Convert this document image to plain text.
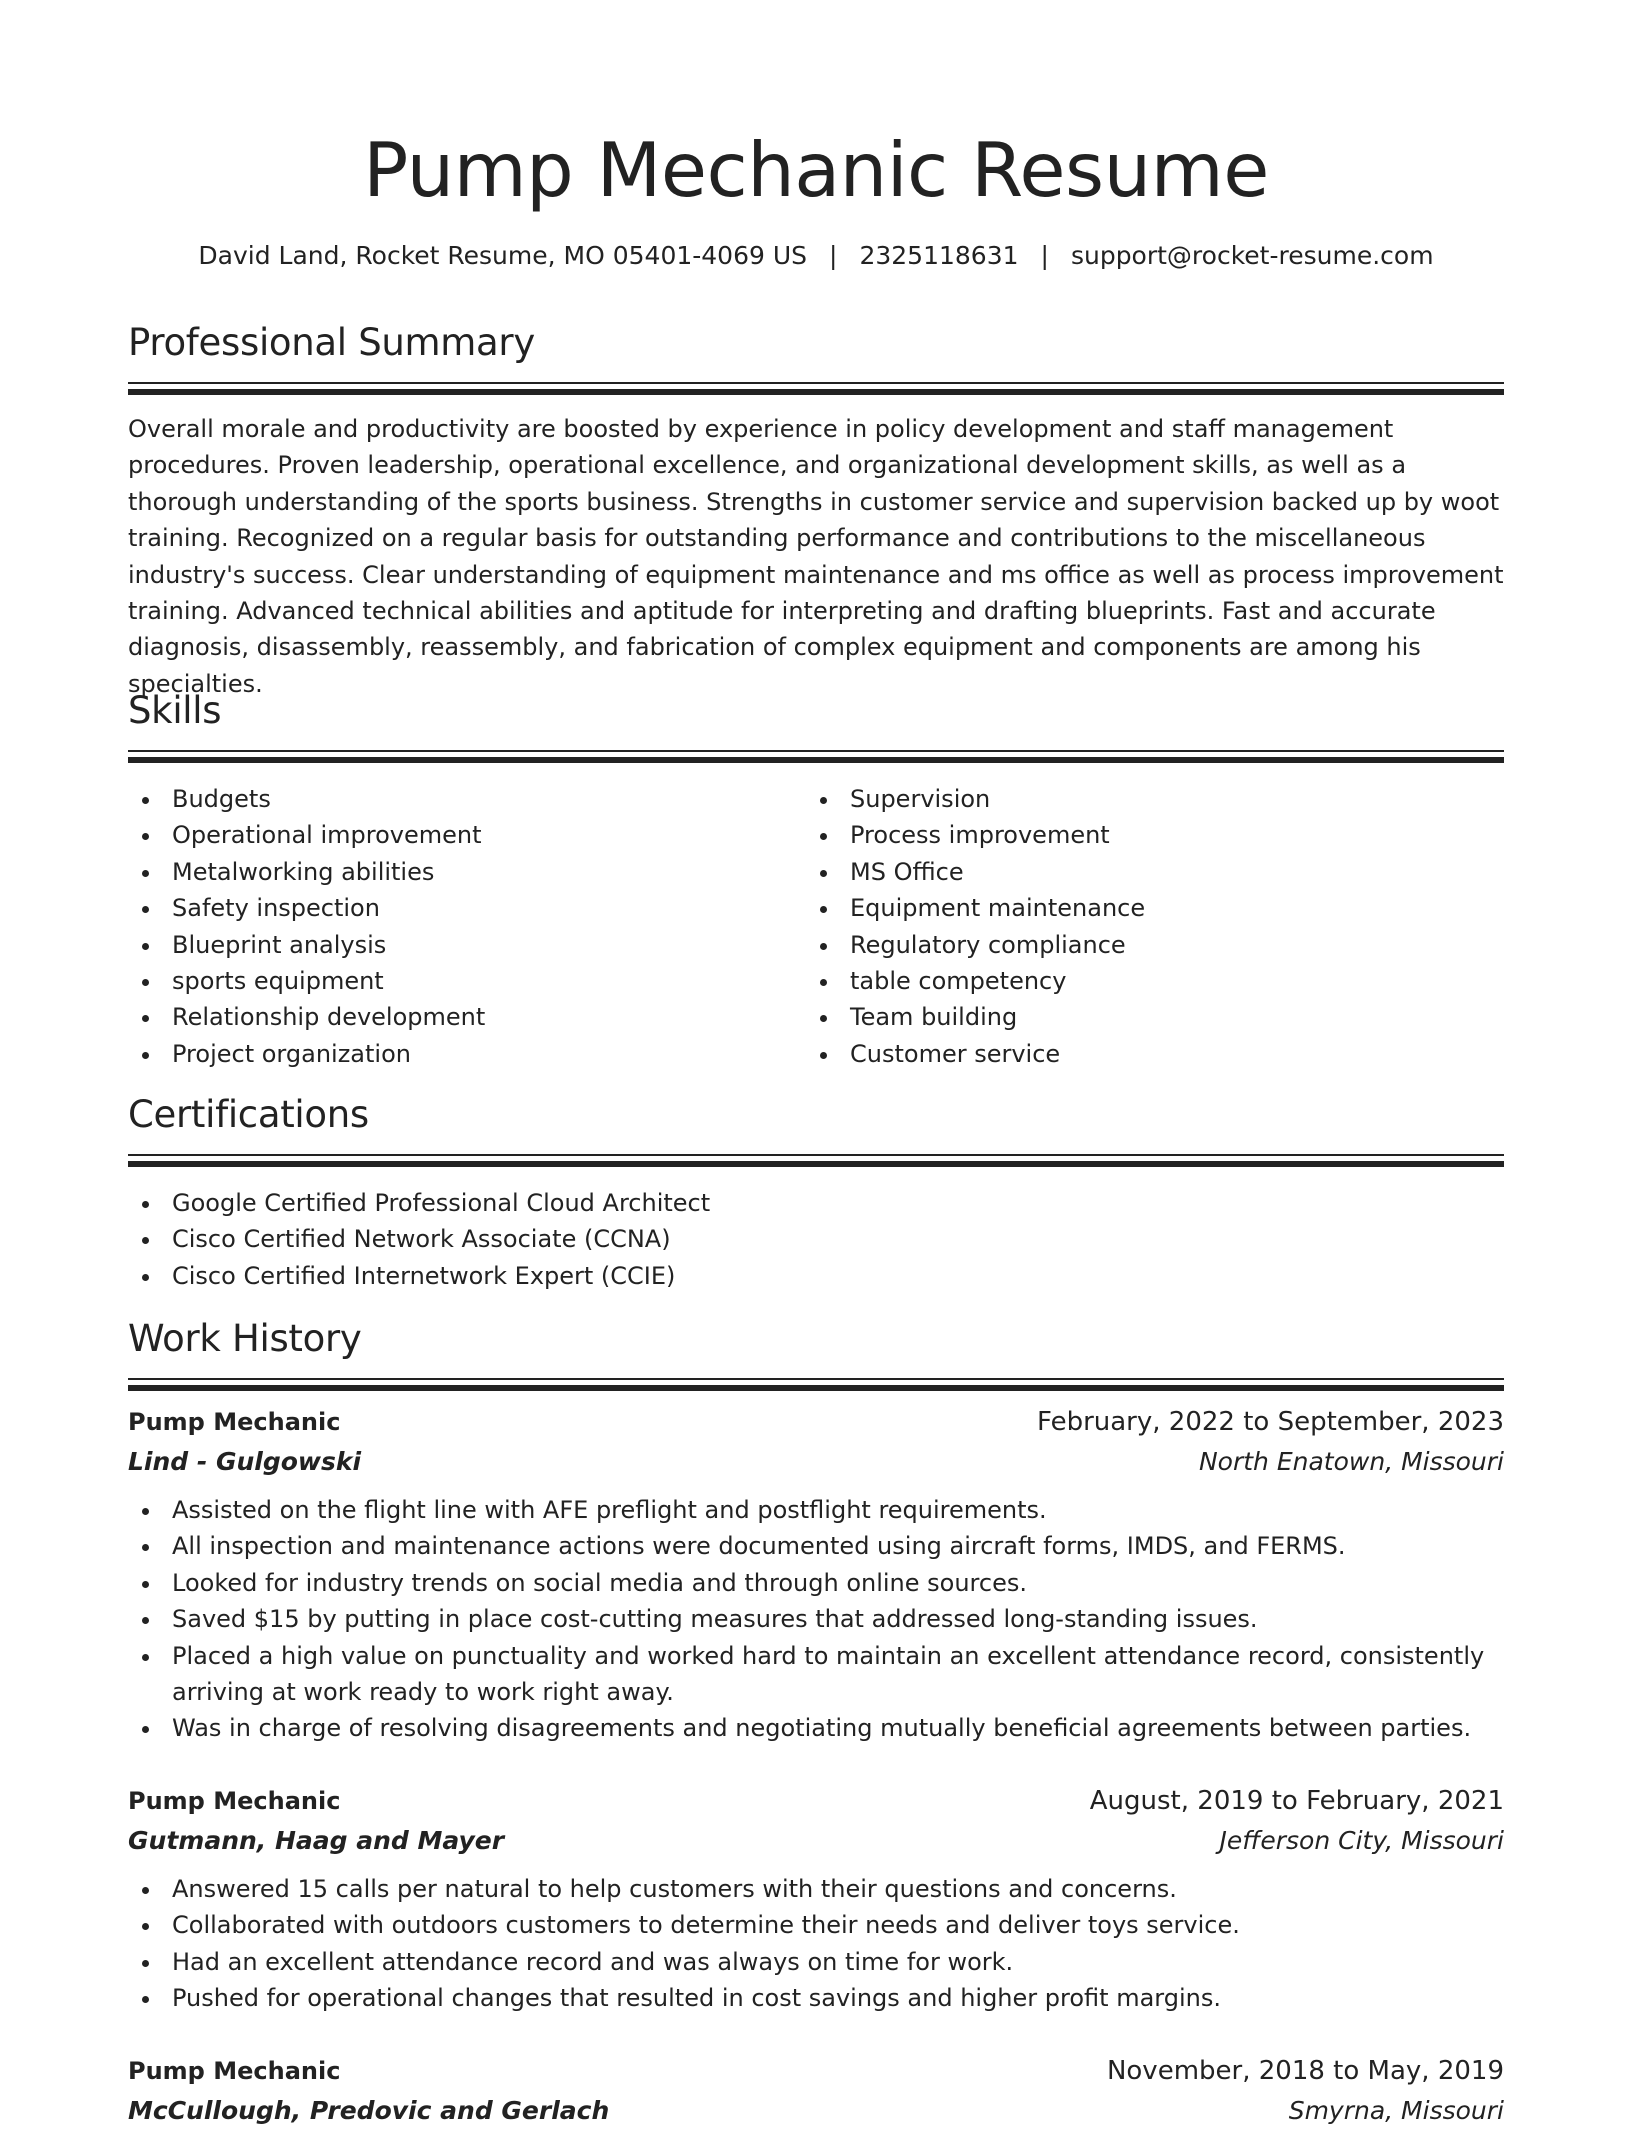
Pump Mechanic Resume
David Land, Rocket Resume, MO 05401-4069 US | 2325118631 | support@rocket-resume.com
Professional Summary

Overall morale and productivity are boosted by experience in policy development and staff management procedures. Proven leadership, operational excellence, and organizational development skills, as well as a thorough understanding of the sports business. Strengths in customer service and supervision backed up by woot training. Recognized on a regular basis for outstanding performance and contributions to the miscellaneous industry's success. Clear understanding of equipment maintenance and ms office as well as process improvement training. Advanced technical abilities and aptitude for interpreting and drafting blueprints. Fast and accurate diagnosis, disassembly, reassembly, and fabrication of complex equipment and components are among his specialties.

Skills
Budgets
Operational improvement
Metalworking abilities
Safety inspection
Blueprint analysis
sports equipment
Relationship development
Project organization
Supervision
Process improvement
MS Office
Equipment maintenance
Regulatory compliance
table competency
Team building
Customer service
Certifications
Google Certified Professional Cloud Architect
Cisco Certified Network Associate (CCNA)
Cisco Certified Internetwork Expert (CCIE)
Work History
Pump Mechanic	February, 2022 to September, 2023
Lind - Gulgowski	North Enatown, Missouri
Assisted on the flight line with AFE preflight and postflight requirements.
All inspection and maintenance actions were documented using aircraft forms, IMDS, and FERMS.
Looked for industry trends on social media and through online sources.
Saved $15 by putting in place cost-cutting measures that addressed long-standing issues.
Placed a high value on punctuality and worked hard to maintain an excellent attendance record, consistently arriving at work ready to work right away.
Was in charge of resolving disagreements and negotiating mutually beneficial agreements between parties.
Pump Mechanic	August, 2019 to February, 2021
Gutmann, Haag and Mayer	Jefferson City, Missouri
Answered 15 calls per natural to help customers with their questions and concerns.
Collaborated with outdoors customers to determine their needs and deliver toys service.
Had an excellent attendance record and was always on time for work.
Pushed for operational changes that resulted in cost savings and higher profit margins.
Pump Mechanic	November, 2018 to May, 2019
McCullough, Predovic and Gerlach	Smyrna, Missouri
